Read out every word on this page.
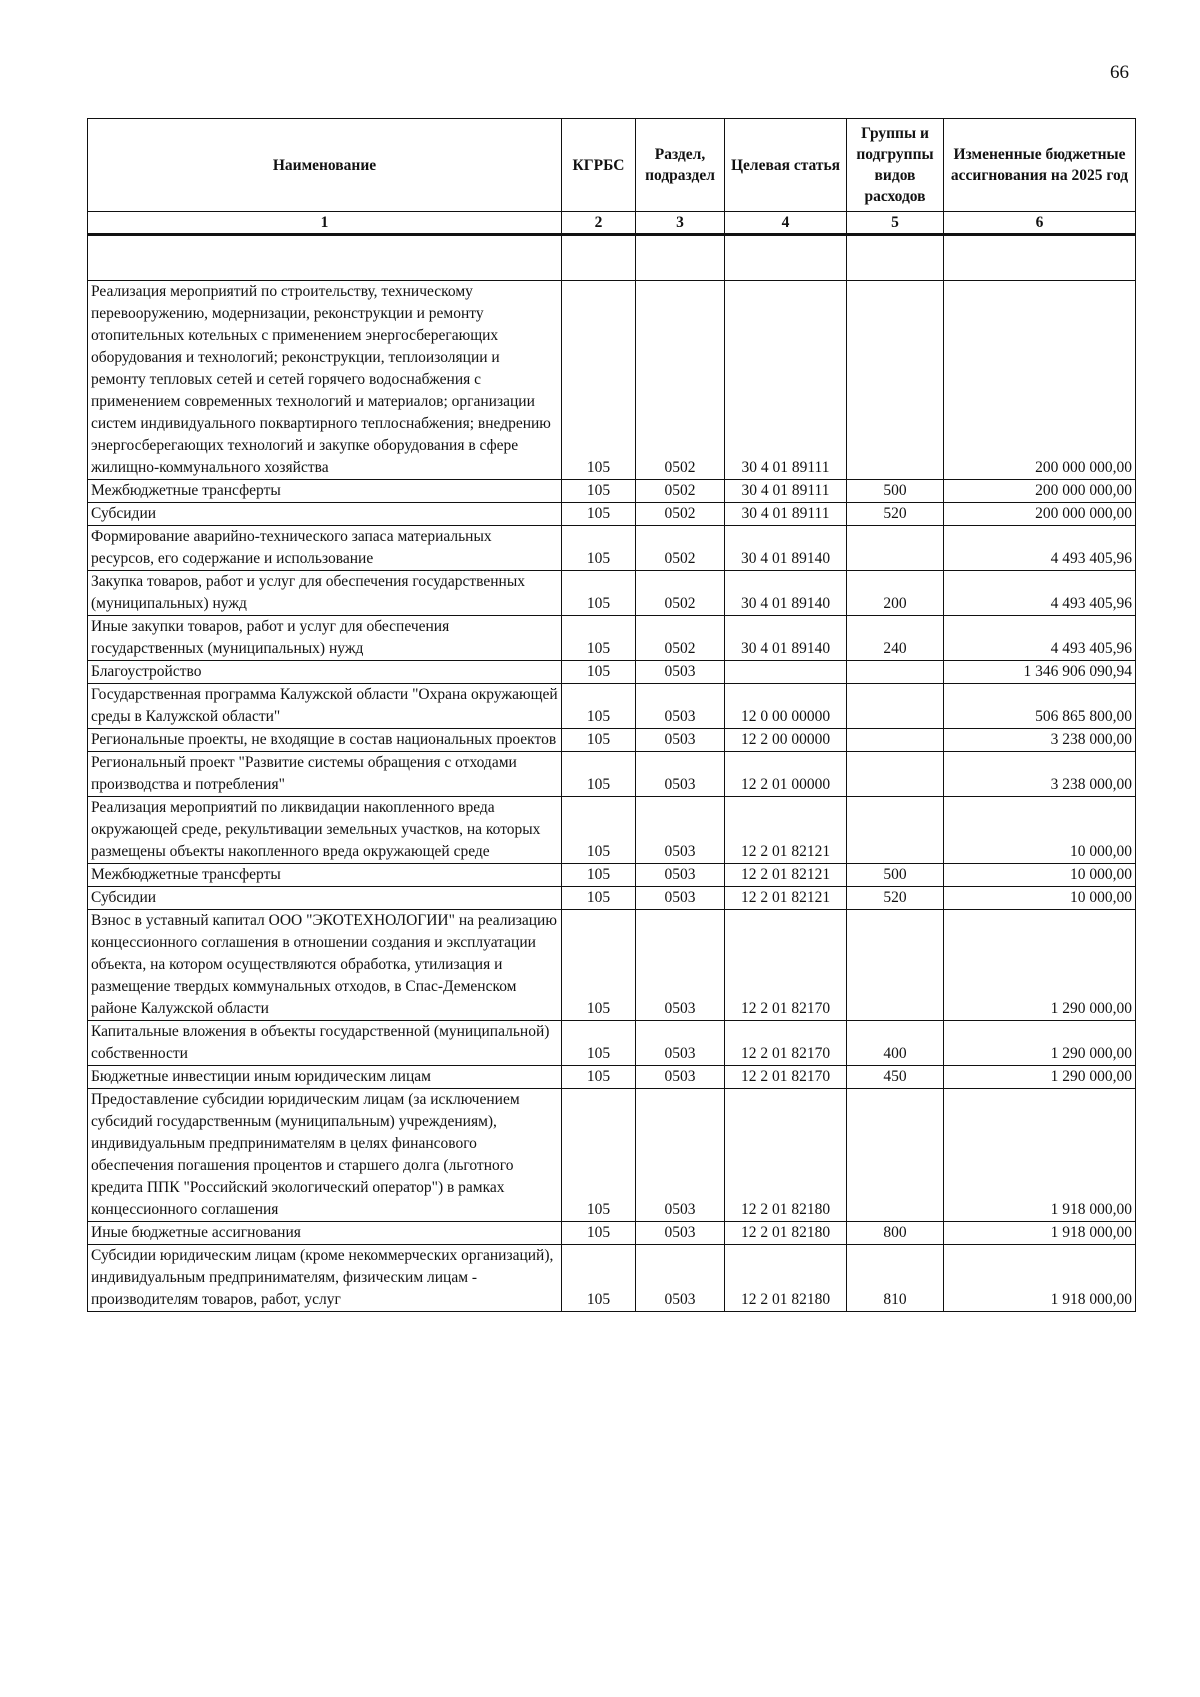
66
Наименование	КГРБС	Раздел, подраздел	Целевая статья	Группы и подгруппы видов расходов	Измененные бюджетные ассигнования на 2025 год
1	2	3	4	5	6

Реализация мероприятий по строительству, техническому перевооружению, модернизации, реконструкции и ремонту отопительных котельных с применением энергосберегающих оборудования и технологий; реконструкции, теплоизоляции и ремонту тепловых сетей и сетей горячего водоснабжения с применением современных технологий и материалов; организации систем индивидуального поквартирного теплоснабжения; внедрению энергосберегающих технологий и закупке оборудования в сфере жилищно-коммунального хозяйства	105	0502	30 4 01 89111		200 000 000,00
Межбюджетные трансферты	105	0502	30 4 01 89111	500	200 000 000,00
Субсидии	105	0502	30 4 01 89111	520	200 000 000,00
Формирование аварийно-технического запаса материальных ресурсов, его содержание и использование	105	0502	30 4 01 89140		4 493 405,96
Закупка товаров, работ и услуг для обеспечения государственных (муниципальных) нужд	105	0502	30 4 01 89140	200	4 493 405,96
Иные закупки товаров, работ и услуг для обеспечения государственных (муниципальных) нужд	105	0502	30 4 01 89140	240	4 493 405,96
Благоустройство	105	0503			1 346 906 090,94
Государственная программа Калужской области "Охрана окружающей среды в Калужской области"	105	0503	12 0 00 00000		506 865 800,00
Региональные проекты, не входящие в состав национальных проектов	105	0503	12 2 00 00000		3 238 000,00
Региональный проект "Развитие системы обращения с отходами производства и потребления"	105	0503	12 2 01 00000		3 238 000,00
Реализация мероприятий по ликвидации накопленного вреда окружающей среде, рекультивации земельных участков, на которых размещены объекты накопленного вреда окружающей среде	105	0503	12 2 01 82121		10 000,00
Межбюджетные трансферты	105	0503	12 2 01 82121	500	10 000,00
Субсидии	105	0503	12 2 01 82121	520	10 000,00
Взнос в уставный капитал ООО "ЭКОТЕХНОЛОГИИ" на реализацию концессионного соглашения в отношении создания и эксплуатации объекта, на котором осуществляются обработка, утилизация и размещение твердых коммунальных отходов, в Спас-Деменском районе Калужской области	105	0503	12 2 01 82170		1 290 000,00
Капитальные вложения в объекты государственной (муниципальной) собственности	105	0503	12 2 01 82170	400	1 290 000,00
Бюджетные инвестиции иным юридическим лицам	105	0503	12 2 01 82170	450	1 290 000,00
Предоставление субсидии юридическим лицам (за исключением субсидий государственным (муниципальным) учреждениям), индивидуальным предпринимателям в целях финансового обеспечения погашения процентов и старшего долга (льготного кредита ППК "Российский экологический оператор") в рамках концессионного соглашения	105	0503	12 2 01 82180		1 918 000,00
Иные бюджетные ассигнования	105	0503	12 2 01 82180	800	1 918 000,00
Субсидии юридическим лицам (кроме некоммерческих организаций), индивидуальным предпринимателям, физическим лицам - производителям товаров, работ, услуг	105	0503	12 2 01 82180	810	1 918 000,00
